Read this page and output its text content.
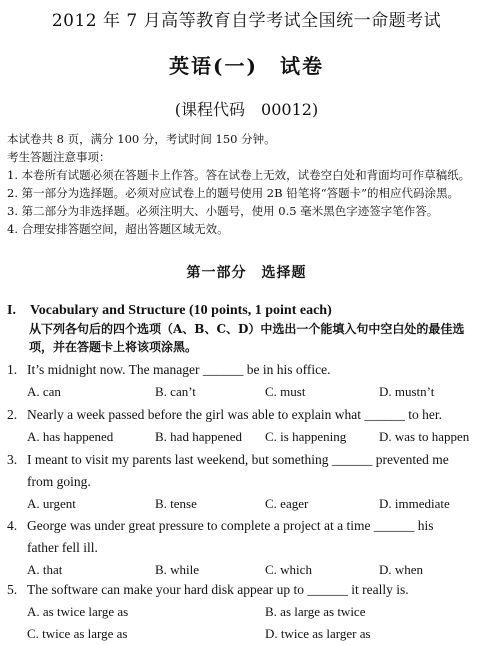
2012 年 7 月高等教育自学考试全国统一命题考试
英语(一)　试卷
(课程代码　00012)
本试卷共 8 页，满分 100 分，考试时间 150 分钟。
考生答题注意事项：
1. 本卷所有试题必须在答题卡上作答。答在试卷上无效，试卷空白处和背面均可作草稿纸。
2. 第一部分为选择题。必须对应试卷上的题号使用 2B 铅笔将“答题卡”的相应代码涂黑。
3. 第二部分为非选择题。必须注明大、小题号，使用 0.5 毫米黑色字迹签字笔作答。
4. 合理安排答题空间，超出答题区域无效。
第一部分　选择题
I.　Vocabulary and Structure (10 points, 1 point each)
从下列各句后的四个选项（A、B、C、D）中选出一个能填入句中空白处的最佳选
项，并在答题卡上将该项涂黑。
1. It’s midnight now. The manager ______ be in his office.
A. can	B. can’t	C. must	D. mustn’t
2. Nearly a week passed before the girl was able to explain what ______ to her.
A. has happened	B. had happened C. is happening	D. was to happen
3. I meant to visit my parents last weekend, but something ______ prevented me
from going.
A. urgent	B. tense	C. eager	D. immediate
4. George was under great pressure to complete a project at a time ______ his
father fell ill.
A. that	B. while	C. which	D. when
5. The software can make your hard disk appear up to ______ it really is.
A. as twice large as	B. as large as twice
C. twice as large as	D. twice as larger as
